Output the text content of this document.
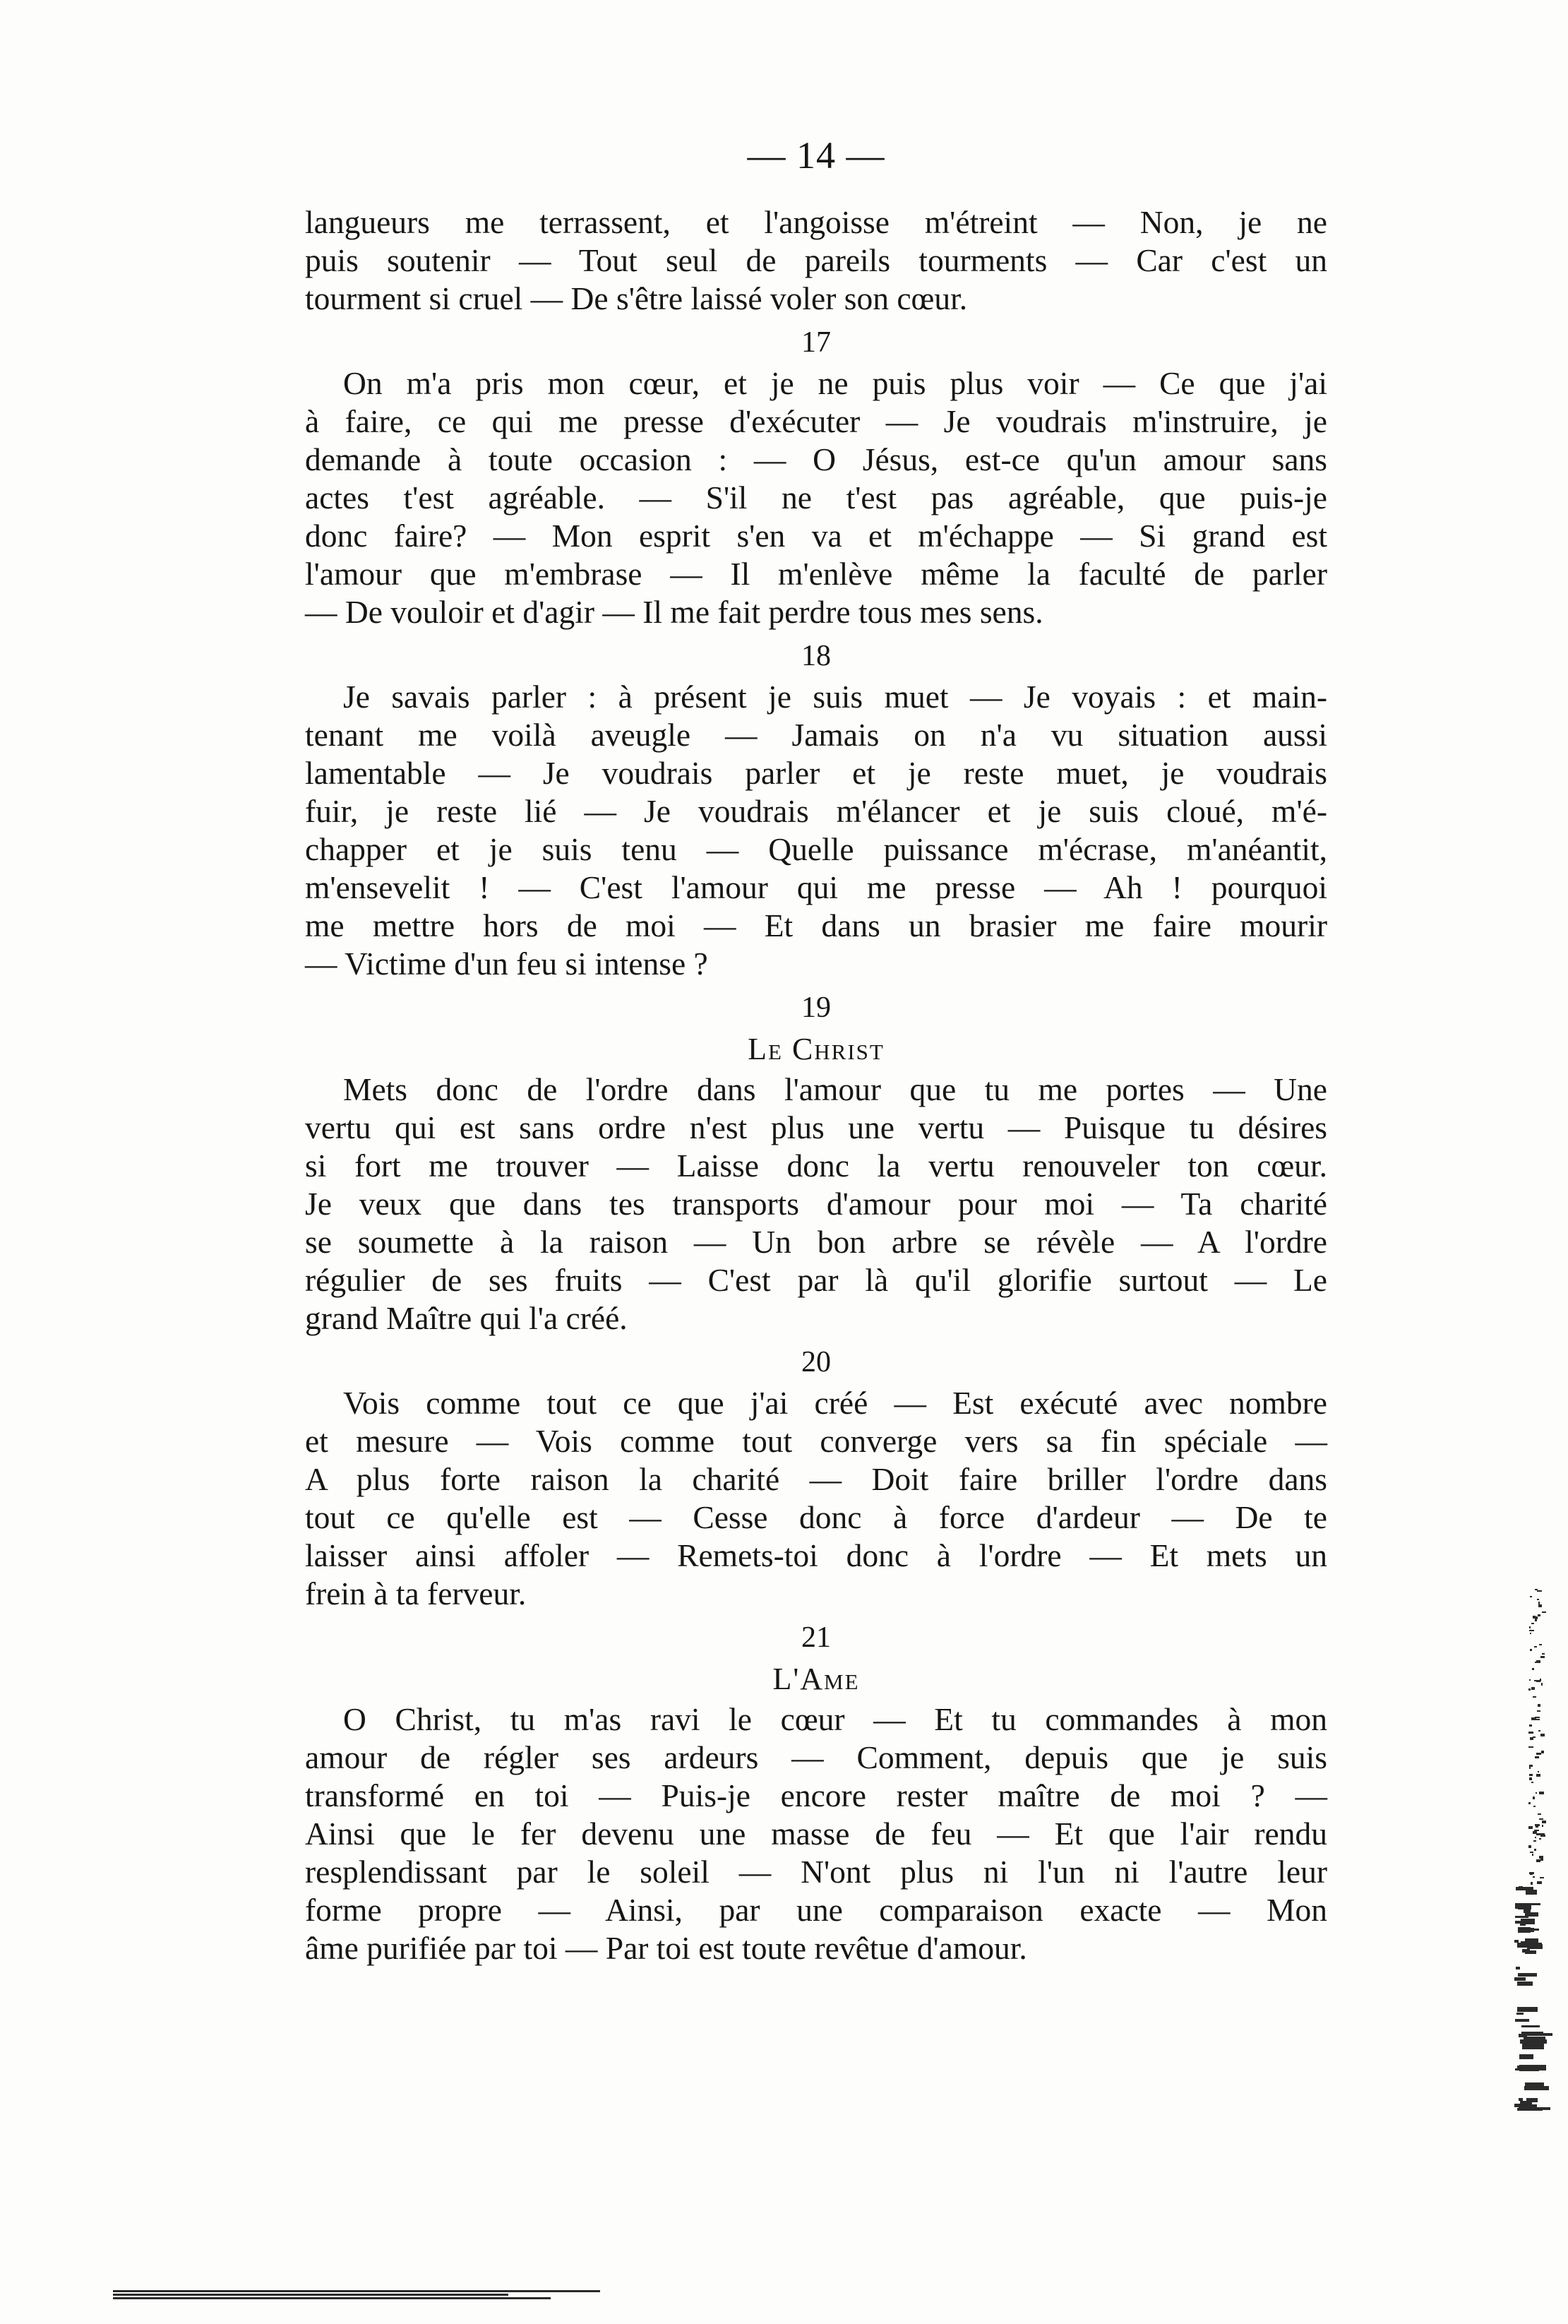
— 14 —
langueurs me terrassent, et l'angoisse m'étreint — Non, je ne
puis soutenir — Tout seul de pareils tourments — Car c'est un
tourment si cruel — De s'être laissé voler son cœur.
17
On m'a pris mon cœur, et je ne puis plus voir — Ce que j'ai
à faire, ce qui me presse d'exécuter — Je voudrais m'instruire, je
demande à toute occasion : — O Jésus, est-ce qu'un amour sans
actes t'est agréable. — S'il ne t'est pas agréable, que puis-je
donc faire? — Mon esprit s'en va et m'échappe — Si grand est
l'amour que m'embrase — Il m'enlève même la faculté de parler
— De vouloir et d'agir — Il me fait perdre tous mes sens.
18
Je savais parler : à présent je suis muet — Je voyais : et main-
tenant me voilà aveugle — Jamais on n'a vu situation aussi
lamentable — Je voudrais parler et je reste muet, je voudrais
fuir, je reste lié — Je voudrais m'élancer et je suis cloué, m'é-
chapper et je suis tenu — Quelle puissance m'écrase, m'anéantit,
m'ensevelit ! — C'est l'amour qui me presse — Ah ! pourquoi
me mettre hors de moi — Et dans un brasier me faire mourir
— Victime d'un feu si intense ?
19
Le Christ
Mets donc de l'ordre dans l'amour que tu me portes — Une
vertu qui est sans ordre n'est plus une vertu — Puisque tu désires
si fort me trouver — Laisse donc la vertu renouveler ton cœur.
Je veux que dans tes transports d'amour pour moi — Ta charité
se soumette à la raison — Un bon arbre se révèle — A l'ordre
régulier de ses fruits — C'est par là qu'il glorifie surtout — Le
grand Maître qui l'a créé.
20
Vois comme tout ce que j'ai créé — Est exécuté avec nombre
et mesure — Vois comme tout converge vers sa fin spéciale —
A plus forte raison la charité — Doit faire briller l'ordre dans
tout ce qu'elle est — Cesse donc à force d'ardeur — De te
laisser ainsi affoler — Remets-toi donc à l'ordre — Et mets un
frein à ta ferveur.
21
L'Ame
O Christ, tu m'as ravi le cœur — Et tu commandes à mon
amour de régler ses ardeurs — Comment, depuis que je suis
transformé en toi — Puis-je encore rester maître de moi ? —
Ainsi que le fer devenu une masse de feu — Et que l'air rendu
resplendissant par le soleil — N'ont plus ni l'un ni l'autre leur
forme propre — Ainsi, par une comparaison exacte — Mon
âme purifiée par toi — Par toi est toute revêtue d'amour.
